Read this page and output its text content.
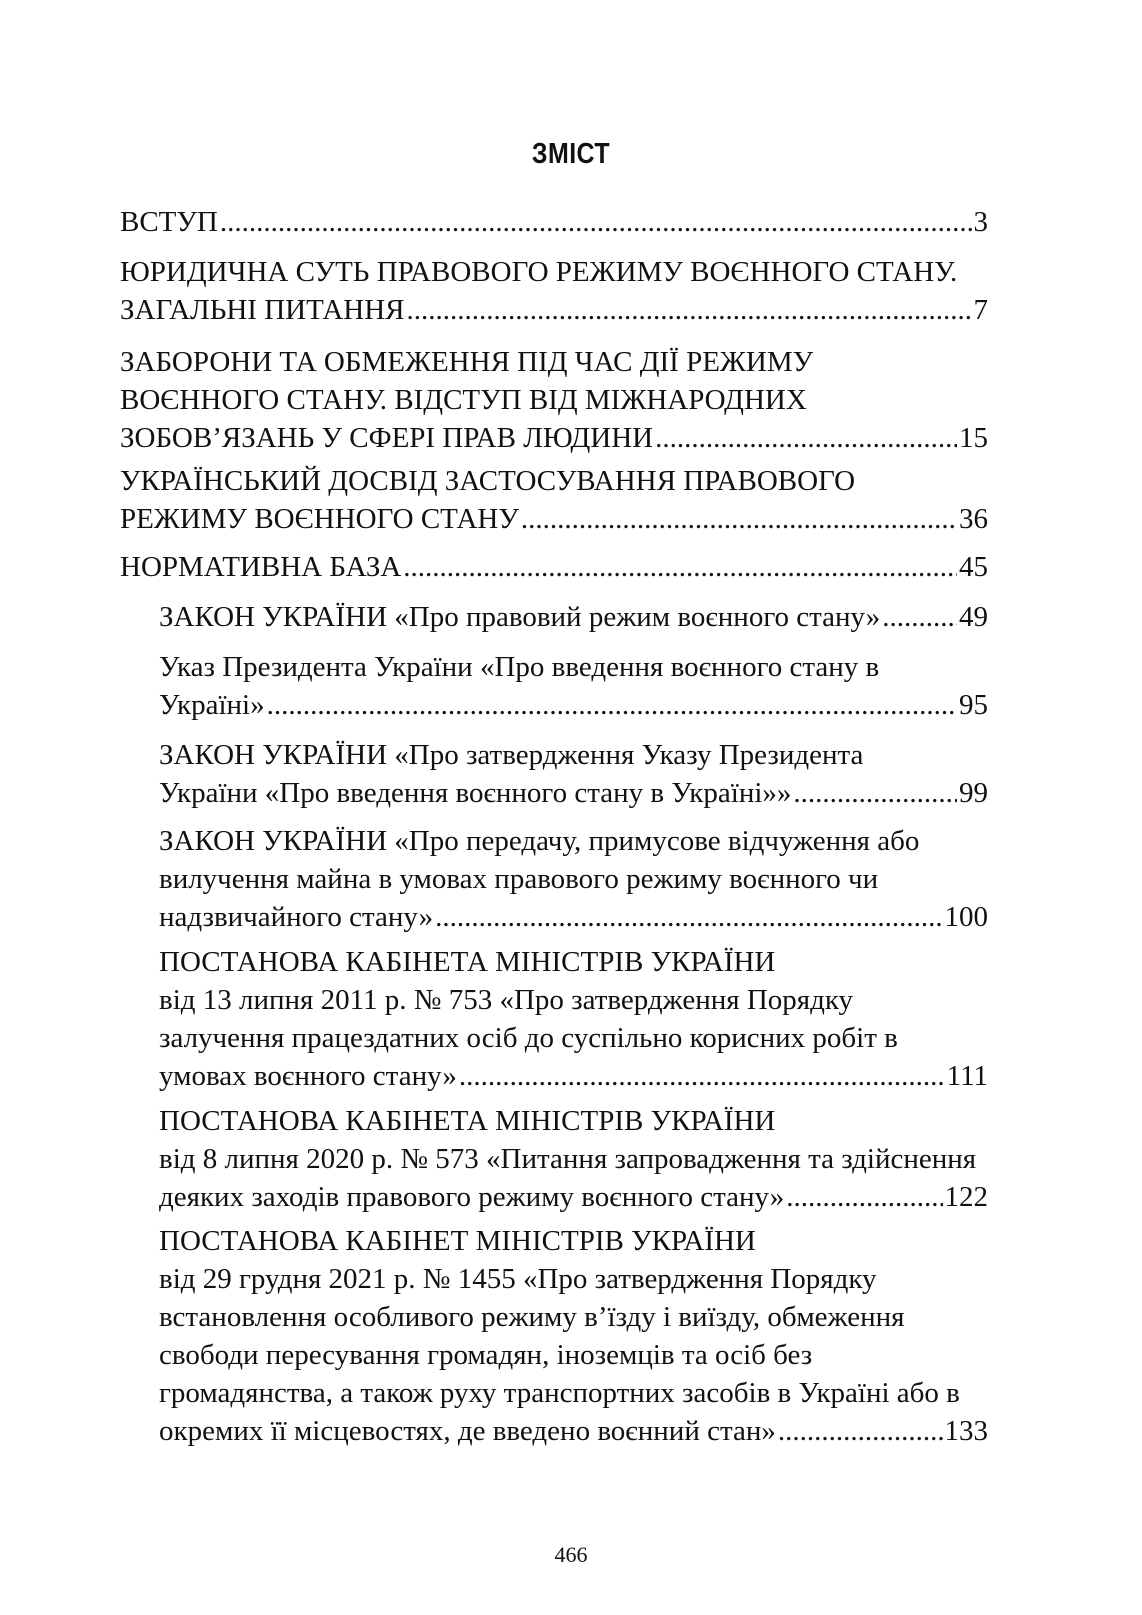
ЗМІСТ
ВСТУП .....	3
ЮРИДИЧНА СУТЬ ПРАВОВОГО РЕЖИМУ ВОЄННОГО СТАНУ.
ЗАГАЛЬНІ ПИТАННЯ .....	7
ЗАБОРОНИ ТА ОБМЕЖЕННЯ ПІД ЧАС ДІЇ РЕЖИМУ
ВОЄННОГО СТАНУ. ВІДСТУП ВІД МІЖНАРОДНИХ
ЗОБОВ’ЯЗАНЬ У СФЕРІ ПРАВ ЛЮДИНИ .....	15
УКРАЇНСЬКИЙ ДОСВІД ЗАСТОСУВАННЯ ПРАВОВОГО
РЕЖИМУ ВОЄННОГО СТАНУ .....	36
НОРМАТИВНА БАЗА .....	45
ЗАКОН УКРАЇНИ «Про правовий режим воєнного стану» .....	49
Указ Президента України «Про введення воєнного стану в
Україні» .....	95
ЗАКОН УКРАЇНИ «Про затвердження Указу Президента
України «Про введення воєнного стану в Україні»» .....	99
ЗАКОН УКРАЇНИ «Про передачу, примусове відчуження або
вилучення майна в умовах правового режиму воєнного чи
надзвичайного стану» .....	100
ПОСТАНОВА КАБІНЕТА МІНІСТРІВ УКРАЇНИ
від 13 липня 2011 р. № 753 «Про затвердження Порядку
залучення працездатних осіб до суспільно корисних робіт в
умовах воєнного стану» .....	111
ПОСТАНОВА КАБІНЕТА МІНІСТРІВ УКРАЇНИ
від 8 липня 2020 р. № 573 «Питання запровадження та здійснення
деяких заходів правового режиму воєнного стану» .....	122
ПОСТАНОВА КАБІНЕТ МІНІСТРІВ УКРАЇНИ
від 29 грудня 2021 р. № 1455 «Про затвердження Порядку
встановлення особливого режиму в’їзду і виїзду, обмеження
свободи пересування громадян, іноземців та осіб без
громадянства, а також руху транспортних засобів в Україні або в
окремих її місцевостях, де введено воєнний стан» .....	133
466
